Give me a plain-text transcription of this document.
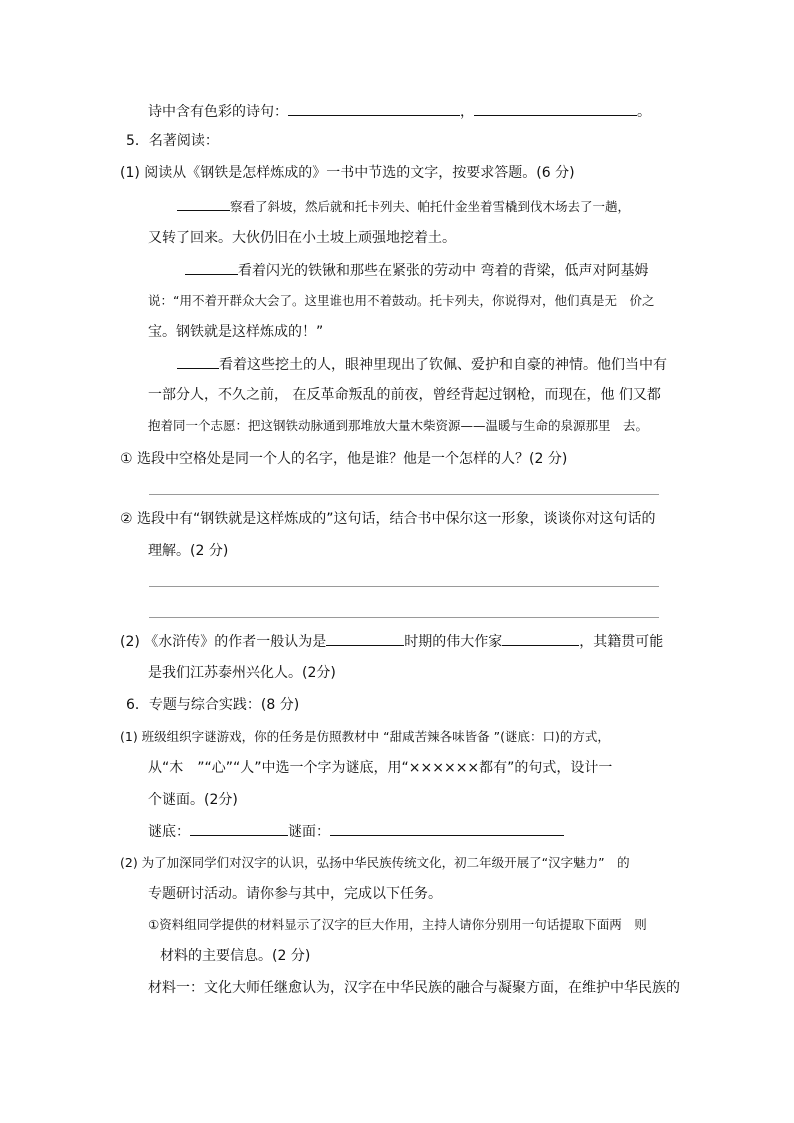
诗中含有色彩的诗句：	，	。
5．名著阅读：
(1) 阅读从《钢铁是怎样炼成的》一书中节选的文字，按要求答题。(6 分)
察看了斜坡，然后就和托卡列夫、帕托什金坐着雪橇到伐木场去了一趟，
又转了回来。大伙仍旧在小土坡上顽强地挖着土。
看着闪光的铁锹和那些在紧张的劳动中 弯着的背梁，低声对阿基姆
说：“用不着开群众大会了。这里谁也用不着鼓动。托卡列夫，你说得对，他们真是无　价之
宝。钢铁就是这样炼成的！”
看着这些挖土的人，眼神里现出了钦佩、爱护和自豪的神情。他们当中有
一部分人，不久之前， 在反革命叛乱的前夜，曾经背起过钢枪，而现在，他 们又都
抱着同一个志愿：把这钢铁动脉通到那堆放大量木柴资源——温暖与生命的泉源那里　去。
① 选段中空格处是同一个人的名字，他是谁？他是一个怎样的人？(2 分)
② 选段中有“钢铁就是这样炼成的”这句话，结合书中保尔这一形象，谈谈你对这句话的
理解。(2 分)
(2) 《水浒传》的作者一般认为是	时期的伟大作家	，其籍贯可能
是我们江苏泰州兴化人。(2分)
6．专题与综合实践：(8 分)
(1) 班级组织字谜游戏，你的任务是仿照教材中 “甜咸苦辣各味皆备 ”(谜底：口)的方式，
从“木　”“心”“人”中选一个字为谜底，用“××××××都有”的句式，设计一
个谜面。(2分)
谜底：	谜面：
(2) 为了加深同学们对汉字的认识，弘扬中华民族传统文化，初二年级开展了“汉字魅力”　的
专题研讨活动。请你参与其中，完成以下任务。
①资料组同学提供的材料显示了汉字的巨大作用，主持人请你分别用一句话提取下面两　则
材料的主要信息。(2 分)
材料一：文化大师任继愈认为，汉字在中华民族的融合与凝聚方面，在维护中华民族的
